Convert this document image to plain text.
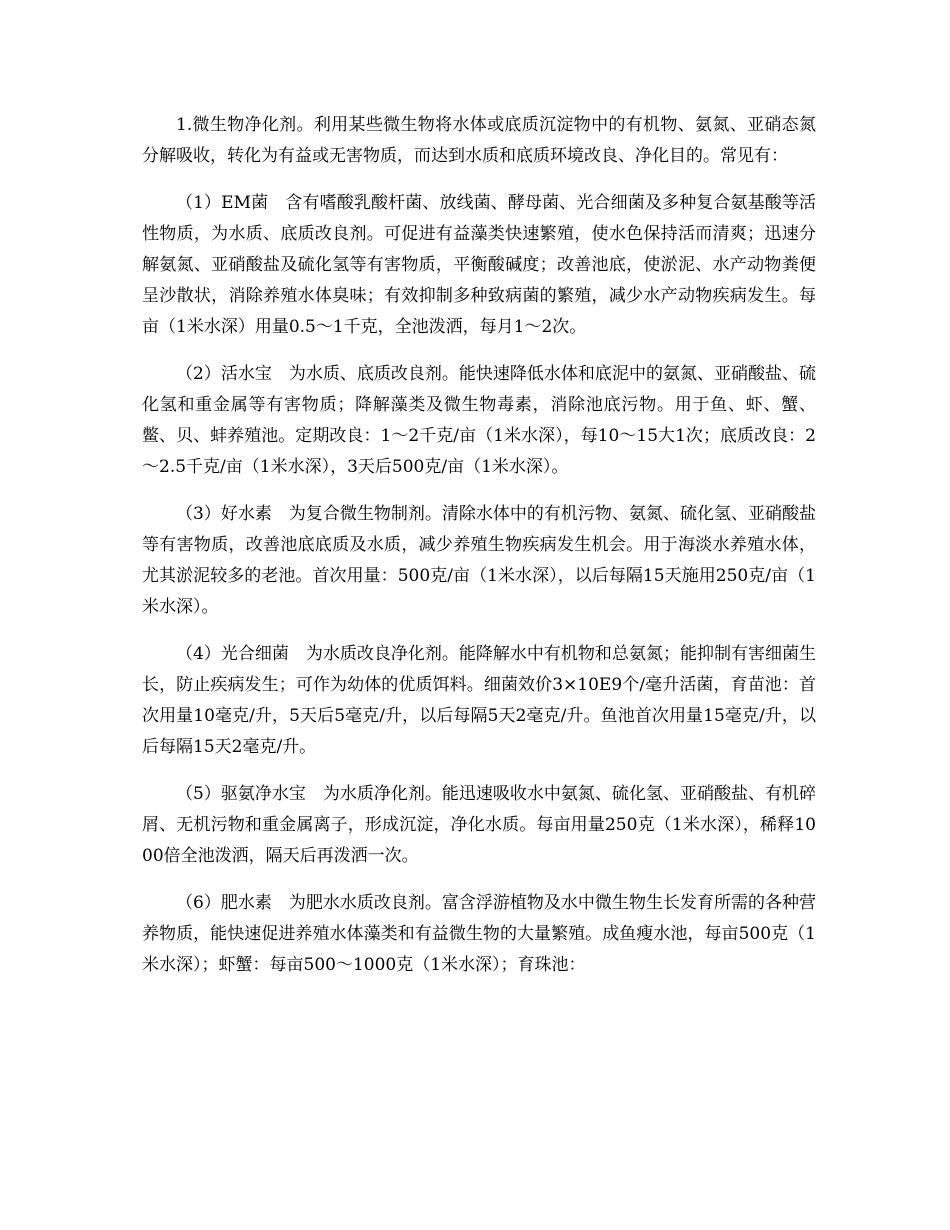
1.微生物净化剂。利用某些微生物将水体或底质沉淀物中的有机物、氨氮、亚硝态氮分解吸收，转化为有益或无害物质，而达到水质和底质环境改良、净化目的。常见有：

（1）EM菌　含有嗜酸乳酸杆菌、放线菌、酵母菌、光合细菌及多种复合氨基酸等活性物质，为水质、底质改良剂。可促进有益藻类快速繁殖，使水色保持活而清爽；迅速分解氨氮、亚硝酸盐及硫化氢等有害物质，平衡酸碱度；改善池底，使淤泥、水产动物粪便呈沙散状，消除养殖水体臭味；有效抑制多种致病菌的繁殖，减少水产动物疾病发生。每亩（1米水深）用量0.5～1千克，全池泼洒，每月1～2次。

（2）活水宝　为水质、底质改良剂。能快速降低水体和底泥中的氨氮、亚硝酸盐、硫化氢和重金属等有害物质；降解藻类及微生物毒素，消除池底污物。用于鱼、虾、蟹、鳖、贝、蚌养殖池。定期改良：1～2千克/亩（1米水深），每10～15大1次；底质改良：2～2.5千克/亩（1米水深），3天后500克/亩（1米水深）。

（3）好水素　为复合微生物制剂。清除水体中的有机污物、氨氮、硫化氢、亚硝酸盐等有害物质，改善池底底质及水质，减少养殖生物疾病发生机会。用于海淡水养殖水体，尤其淤泥较多的老池。首次用量：500克/亩（1米水深），以后每隔15天施用250克/亩（1米水深）。

（4）光合细菌　为水质改良净化剂。能降解水中有机物和总氨氮；能抑制有害细菌生长，防止疾病发生；可作为幼体的优质饵料。细菌效价3×10E9个/毫升活菌，育苗池：首次用量10毫克/升，5天后5毫克/升，以后每隔5天2毫克/升。鱼池首次用量15毫克/升，以后每隔15天2毫克/升。

（5）驱氨净水宝　为水质净化剂。能迅速吸收水中氨氮、硫化氢、亚硝酸盐、有机碎屑、无机污物和重金属离子，形成沉淀，净化水质。每亩用量250克（1米水深），稀释1000倍全池泼洒，隔天后再泼洒一次。

（6）肥水素　为肥水水质改良剂。富含浮游植物及水中微生物生长发育所需的各种营养物质，能快速促进养殖水体藻类和有益微生物的大量繁殖。成鱼瘦水池，每亩500克（1米水深）；虾蟹：每亩500～1000克（1米水深）；育珠池：
